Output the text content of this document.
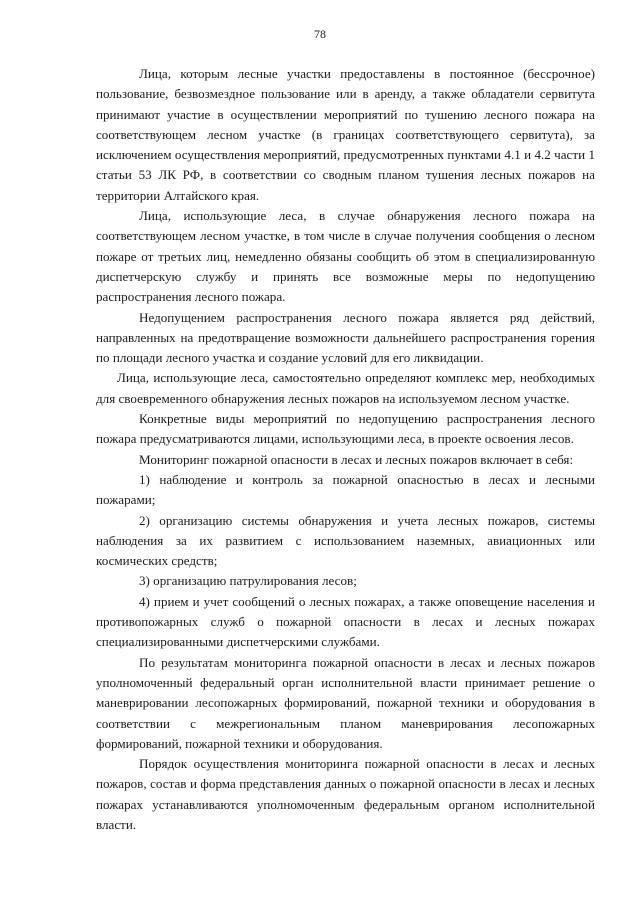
78

Лица, которым лесные участки предоставлены в постоянное (бессрочное) пользование, безвозмездное пользование или в аренду, а также обладатели сервитута принимают участие в осуществлении мероприятий по тушению лесного пожара на соответствующем лесном участке (в границах соответствующего сервитута), за исключением осуществления мероприятий, предусмотренных пунктами 4.1 и 4.2 части 1 статьи 53 ЛК РФ, в соответствии со сводным планом тушения лесных пожаров на территории Алтайского края.

Лица, использующие леса, в случае обнаружения лесного пожара на соответствующем лесном участке, в том числе в случае получения сообщения о лесном пожаре от третьих лиц, немедленно обязаны сообщить об этом в специализированную диспетчерскую службу и принять все возможные меры по недопущению распространения лесного пожара.

Недопущением распространения лесного пожара является ряд действий, направленных на предотвращение возможности дальнейшего распространения горения по площади лесного участка и создание условий для его ликвидации.

Лица, использующие леса, самостоятельно определяют комплекс мер, необходимых для своевременного обнаружения лесных пожаров на используемом лесном участке.

Конкретные виды мероприятий по недопущению распространения лесного пожара предусматриваются лицами, использующими леса, в проекте освоения лесов.

Мониторинг пожарной опасности в лесах и лесных пожаров включает в себя:

1) наблюдение и контроль за пожарной опасностью в лесах и лесными пожарами;

2) организацию системы обнаружения и учета лесных пожаров, системы наблюдения за их развитием с использованием наземных, авиационных или космических средств;

3) организацию патрулирования лесов;

4) прием и учет сообщений о лесных пожарах, а также оповещение населения и противопожарных служб о пожарной опасности в лесах и лесных пожарах специализированными диспетчерскими службами.

По результатам мониторинга пожарной опасности в лесах и лесных пожаров уполномоченный федеральный орган исполнительной власти принимает решение о маневрировании лесопожарных формирований, пожарной техники и оборудования в соответствии с межрегиональным планом маневрирования лесопожарных формирований, пожарной техники и оборудования.

Порядок осуществления мониторинга пожарной опасности в лесах и лесных пожаров, состав и форма представления данных о пожарной опасности в лесах и лесных пожарах устанавливаются уполномоченным федеральным органом исполнительной власти.
